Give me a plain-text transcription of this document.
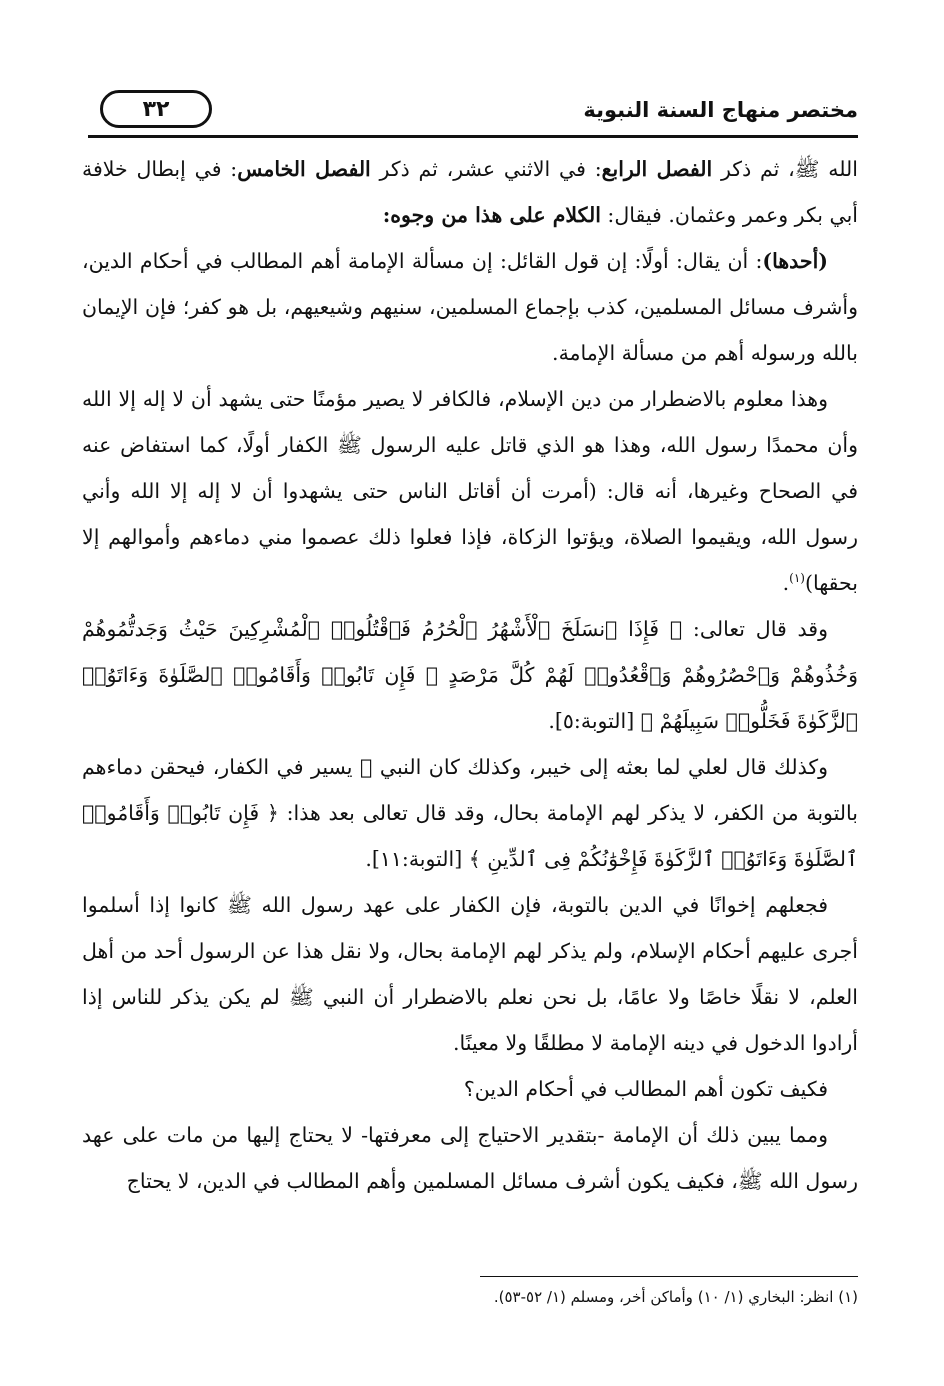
مختصر منهاج السنة النبوية
٣٢

الله ﷺ، ثم ذكر الفصل الرابع: في الاثني عشر، ثم ذكر الفصل الخامس: في إبطال خلافة أبي بكر وعمر وعثمان. فيقال: الكلام على هذا من وجوه:

(أحدها): أن يقال: أولًا: إن قول القائل: إن مسألة الإمامة أهم المطالب في أحكام الدين، وأشرف مسائل المسلمين، كذب بإجماع المسلمين، سنيهم وشيعيهم، بل هو كفر؛ فإن الإيمان بالله ورسوله أهم من مسألة الإمامة.

وهذا معلوم بالاضطرار من دين الإسلام، فالكافر لا يصير مؤمنًا حتى يشهد أن لا إله إلا الله وأن محمدًا رسول الله، وهذا هو الذي قاتل عليه الرسول ﷺ الكفار أولًا، كما استفاض عنه في الصحاح وغيرها، أنه قال: (أمرت أن أقاتل الناس حتى يشهدوا أن لا إله إلا الله وأني رسول الله، ويقيموا الصلاة، ويؤتوا الزكاة، فإذا فعلوا ذلك عصموا مني دماءهم وأموالهم إلا بحقها)$^{(١)}$.

وقد قال تعالى: ﴿ فَإِذَا ٱنسَلَخَ ٱلْأَشْهُرُ ٱلْحُرُمُ فَٱقْتُلُوا۟ ٱلْمُشْرِكِينَ حَيْثُ وَجَدتُّمُوهُمْ وَخُذُوهُمْ وَٱحْصُرُوهُمْ وَٱقْعُدُوا۟ لَهُمْ كُلَّ مَرْصَدٍ ۚ فَإِن تَابُوا۟ وَأَقَامُوا۟ ٱلصَّلَوٰةَ وَءَاتَوُا۟ ٱلزَّكَوٰةَ فَخَلُّوا۟ سَبِيلَهُمْ ﴾ [التوبة:٥].

وكذلك قال لعلي لما بعثه إلى خيبر، وكذلك كان النبي ﷺ يسير في الكفار، فيحقن دماءهم بالتوبة من الكفر، لا يذكر لهم الإمامة بحال، وقد قال تعالى بعد هذا: ﴿ فَإِن تَابُوا۟ وَأَقَامُوا۟ ٱلصَّلَوٰةَ وَءَاتَوُا۟ ٱلزَّكَوٰةَ فَإِخْوَٰنُكُمْ فِى ٱلدِّينِ ﴾ [التوبة:١١].

فجعلهم إخوانًا في الدين بالتوبة، فإن الكفار على عهد رسول الله ﷺ كانوا إذا أسلموا أجرى عليهم أحكام الإسلام، ولم يذكر لهم الإمامة بحال، ولا نقل هذا عن الرسول أحد من أهل العلم، لا نقلًا خاصًا ولا عامًا، بل نحن نعلم بالاضطرار أن النبي ﷺ لم يكن يذكر للناس إذا أرادوا الدخول في دينه الإمامة لا مطلقًا ولا معينًا.

فكيف تكون أهم المطالب في أحكام الدين؟

ومما يبين ذلك أن الإمامة -بتقدير الاحتياج إلى معرفتها- لا يحتاج إليها من مات على عهد رسول الله ﷺ، فكيف يكون أشرف مسائل المسلمين وأهم المطالب في الدين، لا يحتاج

(١) انظر: البخاري (١/ ١٠) وأماكن أخر، ومسلم (١/ ٥٢-٥٣).
